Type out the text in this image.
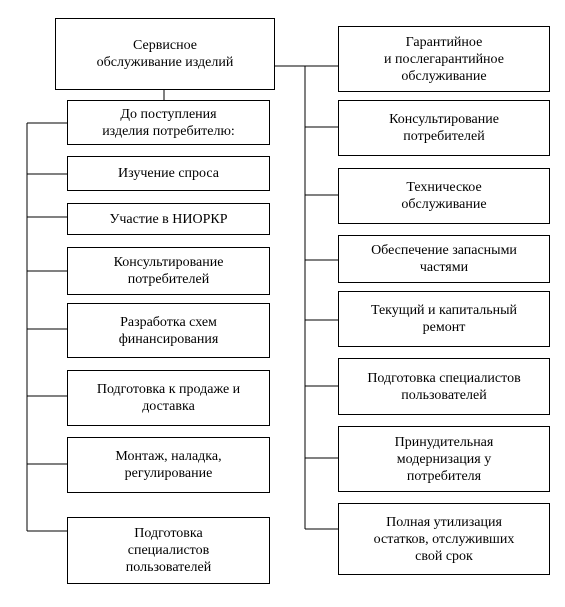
Сервисное
обслуживание изделий
До поступления
изделия потребителю:
Изучение спроса
Участие в НИОРКР
Консультирование
потребителей
Разработка схем
финансирования
Подготовка к продаже и
доставка
Монтаж, наладка,
регулирование
Подготовка
специалистов
пользователей
Гарантийное
и послегарантийное
обслуживание
Консультирование
потребителей
Техническое
обслуживание
Обеспечение запасными
частями
Текущий и капитальный
ремонт
Подготовка специалистов
пользователей
Принудительная
модернизация у
потребителя
Полная утилизация
остатков, отслуживших
свой срок
